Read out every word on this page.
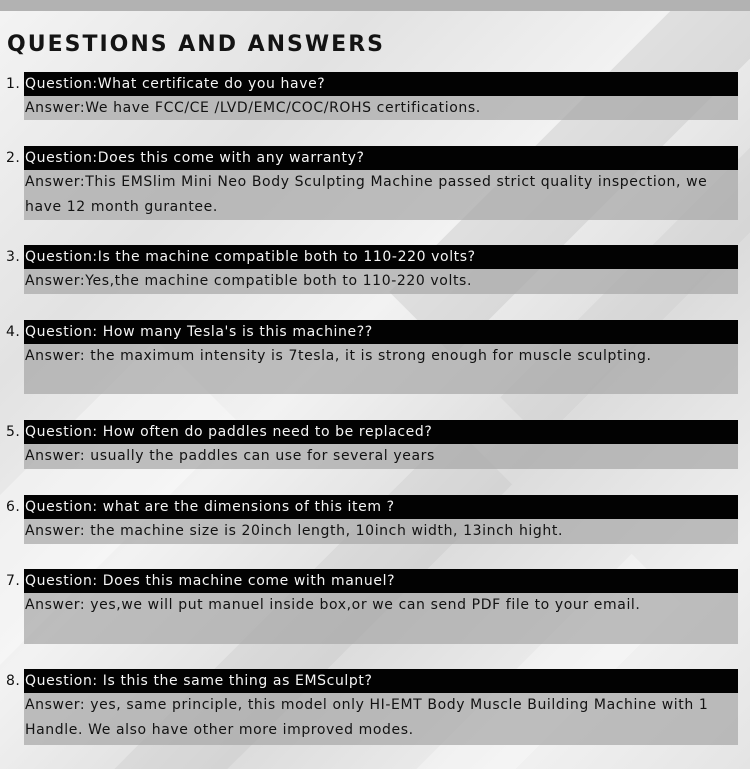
QUESTIONS AND ANSWERS
1. Question:What certificate do you have?
Answer:We have FCC/CE /LVD/EMC/COC/ROHS certifications.
2. Question:Does this come with any warranty?
Answer:This EMSlim Mini Neo Body Sculpting Machine passed strict quality inspection, we have 12 month gurantee.
3. Question:Is the machine compatible both to 110-220 volts?
Answer:Yes,the machine compatible both to 110-220 volts.
4. Question: How many Tesla's is this machine??
Answer: the maximum intensity is 7tesla, it is strong enough for muscle sculpting.
5. Question: How often do paddles need to be replaced?
Answer: usually the paddles can use for several years
6. Question: what are the dimensions of this item ?
Answer: the machine size is 20inch length, 10inch width, 13inch hight.
7. Question: Does this machine come with manuel?
Answer: yes,we will put manuel inside box,or we can send PDF file to your email.
8. Question: Is this the same thing as EMSculpt?
Answer: yes, same principle, this model only HI-EMT Body Muscle Building Machine with 1 Handle. We also have other more improved modes.
